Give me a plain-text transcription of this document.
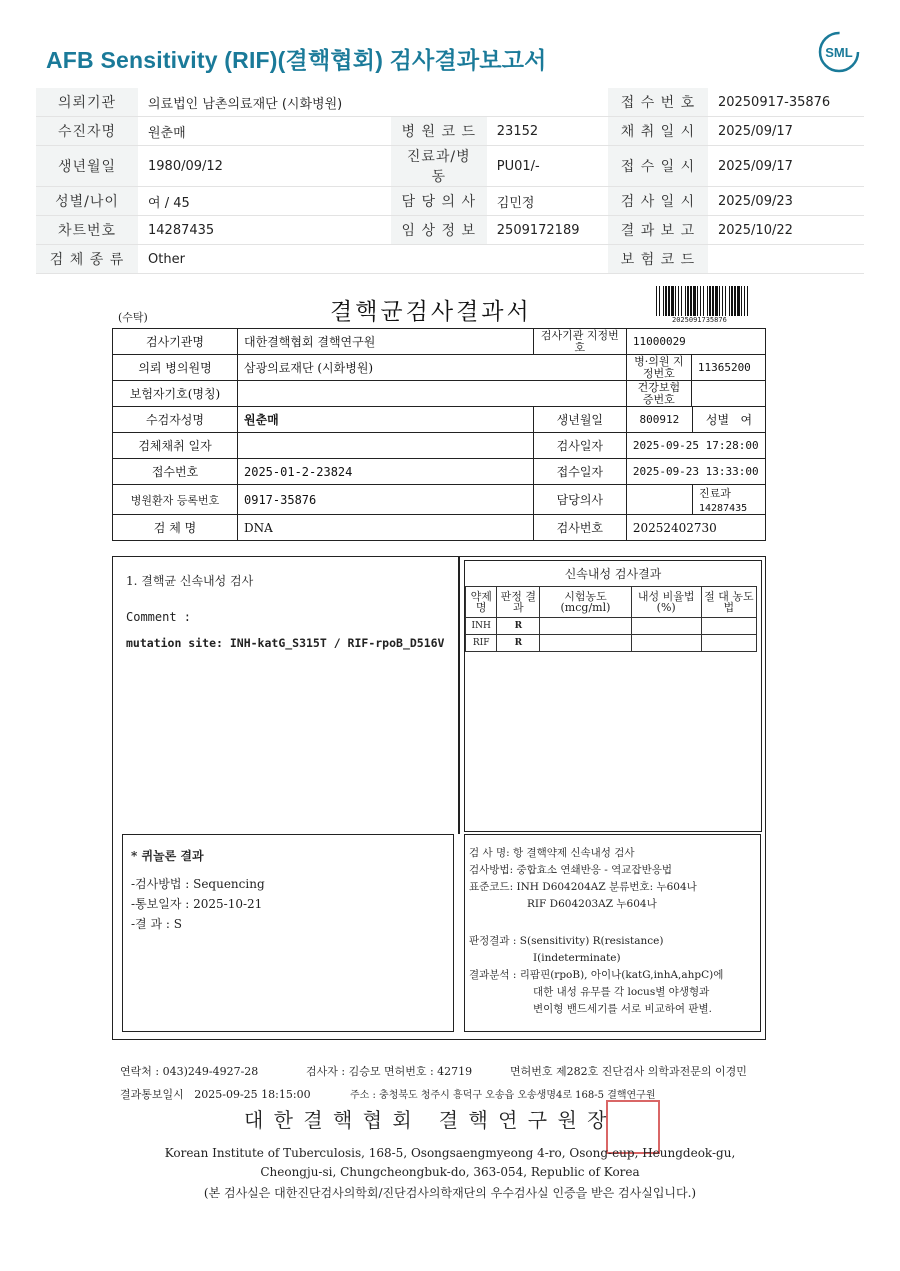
AFB Sensitivity (RIF)(결핵협회) 검사결과보고서	SML
의뢰기관	의료법인 남촌의료재단 (시화병원)			접 수 번 호	20250917-35876
수진자명	원춘매	병 원 코 드	23152	채 취 일 시	2025/09/17
생년월일	1980/09/12	진료과/병동	PU01/-	접 수 일 시	2025/09/17
성별/나이	여 / 45	담 당 의 사	김민정	검 사 일 시	2025/09/23
차트번호	14287435	임 상 정 보	2509172189	결 과 보 고	2025/10/22
검 체 종 류	Other			보 험 코 드	
(수탁)	결핵균검사결과서	2025091735876
검사기관명	대한결핵협회 결핵연구원	검사기관 지정번호	11000029	
의뢰 병의원명	삼광의료재단 (시화병원)		병·의원 지정번호	11365200
보험자기호(명칭)			건강보험 증번호	
수검자성명	원춘매	생년월일	800912	성별 여
검체채취 일자		검사일자	2025-09-25 17:28:00	
접수번호	2025-01-2-23824	접수일자	2025-09-23 13:33:00	
병원환자 등록번호	0917-35876	담당의사		진료과 14287435
검 체 명	DNA	검사번호	20252402730	
1. 결핵균 신속내성 검사
Comment :
mutation site: INH-katG_S315T / RIF-rpoB_D516V
신속내성 검사결과
약제명	판정 결과	시험농도 (mcg/ml)	내성 비율법(%)	절 대 농도법
INH	R			
RIF	R			
* 퀴놀론 결과
-검사방법 : Sequencing
-통보일자 : 2025-10-21
-결 과 : S
검 사 명: 항 결핵약제 신속내성 검사
검사방법: 중합효소 연쇄반응 - 역교잡반응법
표준코드: INH D604204AZ 분류번호: 누604나
RIF D604203AZ 누604나
판정결과 : S(sensitivity) R(resistance)
I(indeterminate)
결과분석 : 리팜핀(rpoB), 아이나(katG,inhA,ahpC)에
대한 내성 유무를 각 locus별 야생형과
변이형 밴드세기를 서로 비교하여 판별.
연락처 : 043)249-4927-28	검사자 : 김승모 면허번호 : 42719	면허번호 제282호 진단검사 의학과전문의 이경민
결과통보일시   2025-09-25 18:15:00	주소 : 충청북도 청주시 흥덕구 오송읍 오송생명4로 168-5 결핵연구원
대 한 결 핵 협 회   결 핵 연 구 원 장
Korean Institute of Tuberculosis, 168-5, Osongsaengmyeong 4-ro, Osong-eup, Heungdeok-gu,
Cheongju-si, Chungcheongbuk-do, 363-054, Republic of Korea
(본 검사실은 대한진단검사의학회/진단검사의학재단의 우수검사실 인증을 받은 검사실입니다.)
